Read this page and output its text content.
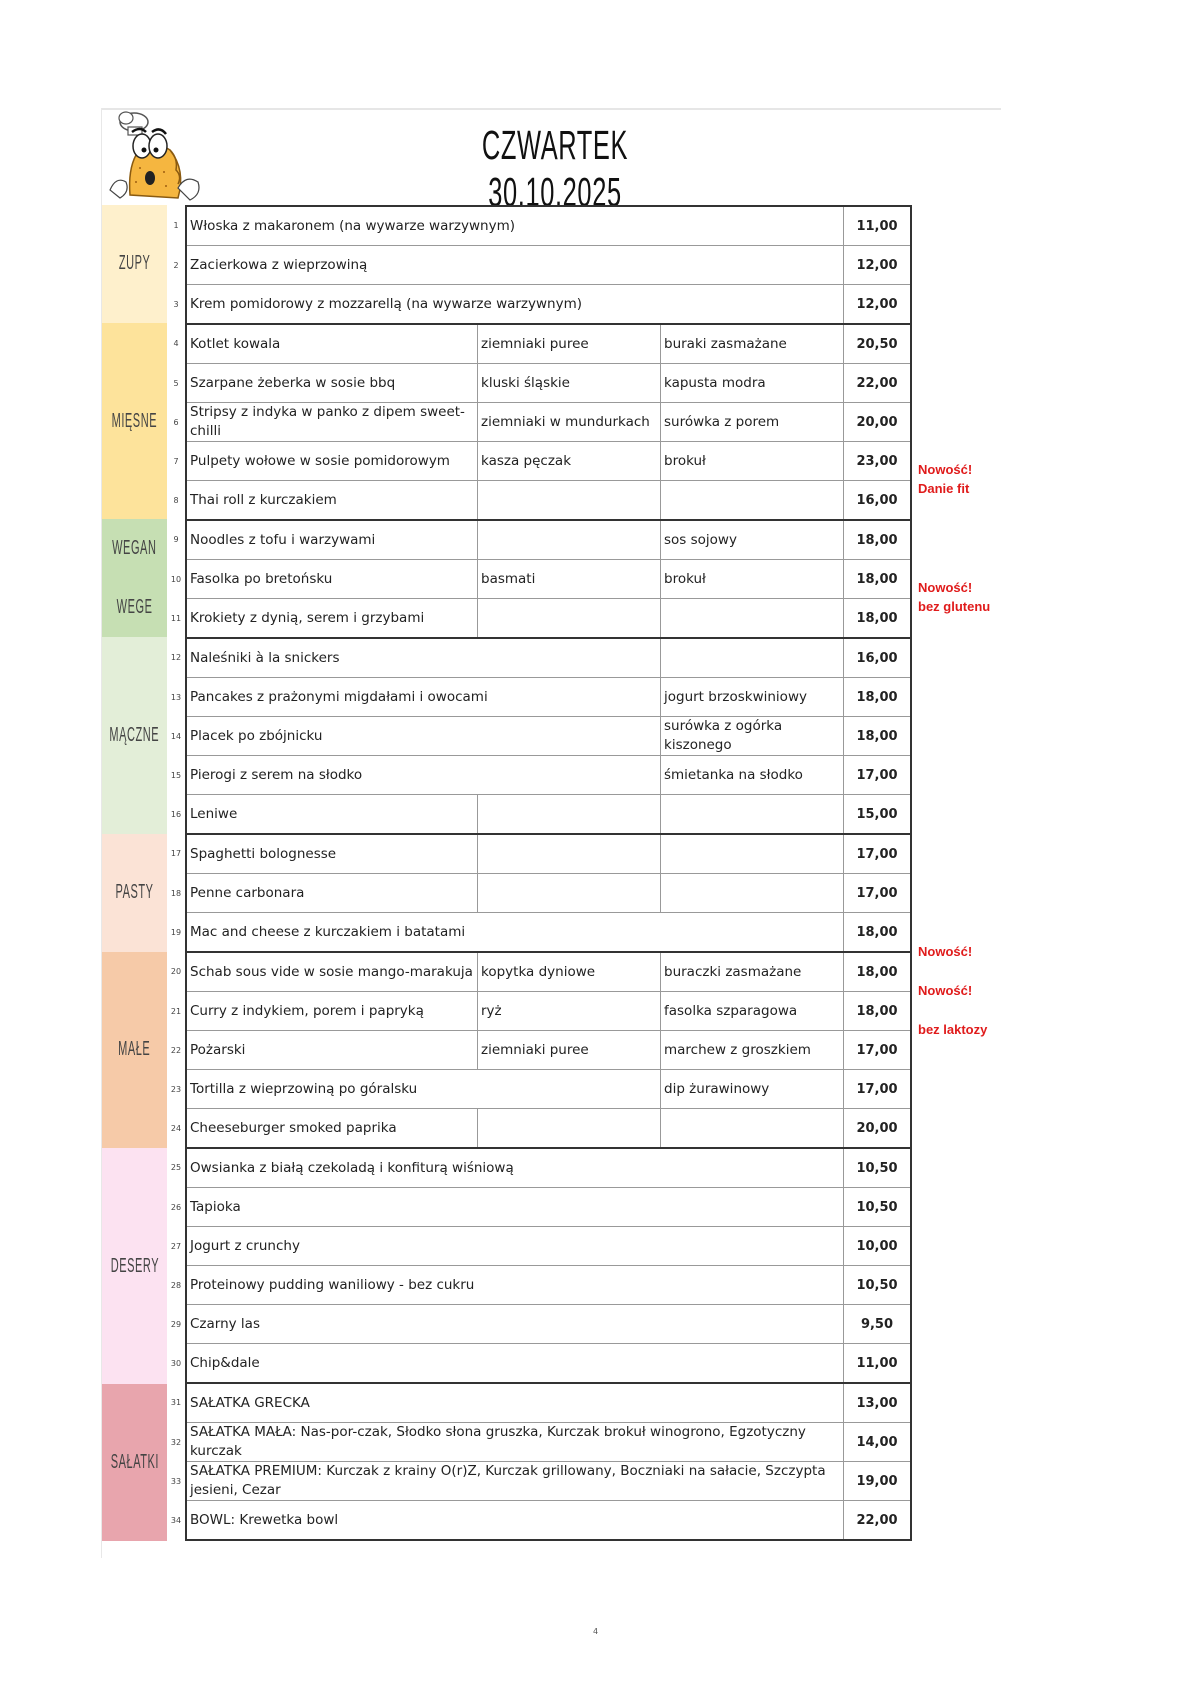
CZWARTEK 30.10.2025
ZUPY
MIĘSNE
WEGAN
WEGE
MĄCZNE
PASTY
MAŁE
DESERY
SAŁATKI
1	Włoska z makaronem (na wywarze warzywnym)			11,00
2	Zacierkowa z wieprzowiną			12,00
3	Krem pomidorowy z mozzarellą (na wywarze warzywnym)			12,00
4	Kotlet kowala	ziemniaki puree	buraki zasmażane	20,50
5	Szarpane żeberka w sosie bbq	kluski śląskie	kapusta modra	22,00
6	Stripsy z indyka w panko z dipem sweet-chilli	ziemniaki w mundurkach	surówka z porem	20,00
7	Pulpety wołowe w sosie pomidorowym	kasza pęczak	brokuł	23,00
8	Thai roll z kurczakiem			16,00
9	Noodles z tofu i warzywami		sos sojowy	18,00
10	Fasolka po bretońsku	basmati	brokuł	18,00
11	Krokiety z dynią, serem i grzybami			18,00
12	Naleśniki à la snickers			16,00
13	Pancakes z prażonymi migdałami i owocami		jogurt brzoskwiniowy	18,00
14	Placek po zbójnicku		surówka z ogórka kiszonego	18,00
15	Pierogi z serem na słodko		śmietanka na słodko	17,00
16	Leniwe			15,00
17	Spaghetti bolognesse			17,00
18	Penne carbonara			17,00
19	Mac and cheese z kurczakiem i batatami			18,00
20	Schab sous vide w sosie mango-marakuja	kopytka dyniowe	buraczki zasmażane	18,00
21	Curry z indykiem, porem i papryką	ryż	fasolka szparagowa	18,00
22	Pożarski	ziemniaki puree	marchew z groszkiem	17,00
23	Tortilla z wieprzowiną po góralsku		dip żurawinowy	17,00
24	Cheeseburger smoked paprika			20,00
25	Owsianka z białą czekoladą i konfiturą wiśniową			10,50
26	Tapioka			10,50
27	Jogurt z crunchy			10,00
28	Proteinowy pudding waniliowy - bez cukru			10,50
29	Czarny las			9,50
30	Chip&dale			11,00
31	SAŁATKA GRECKA			13,00
32	SAŁATKA MAŁA: Nas-por-czak, Słodko słona gruszka, Kurczak brokuł winogrono, Egzotyczny kurczak			14,00
33	SAŁATKA PREMIUM: Kurczak z krainy O(r)Z, Kurczak grillowany, Boczniaki na sałacie, Szczypta jesieni, Cezar			19,00
34	BOWL: Krewetka bowl			22,00
Nowość!
Danie fit
Nowość!
bez glutenu
Nowość!
Nowość!
bez laktozy
4
